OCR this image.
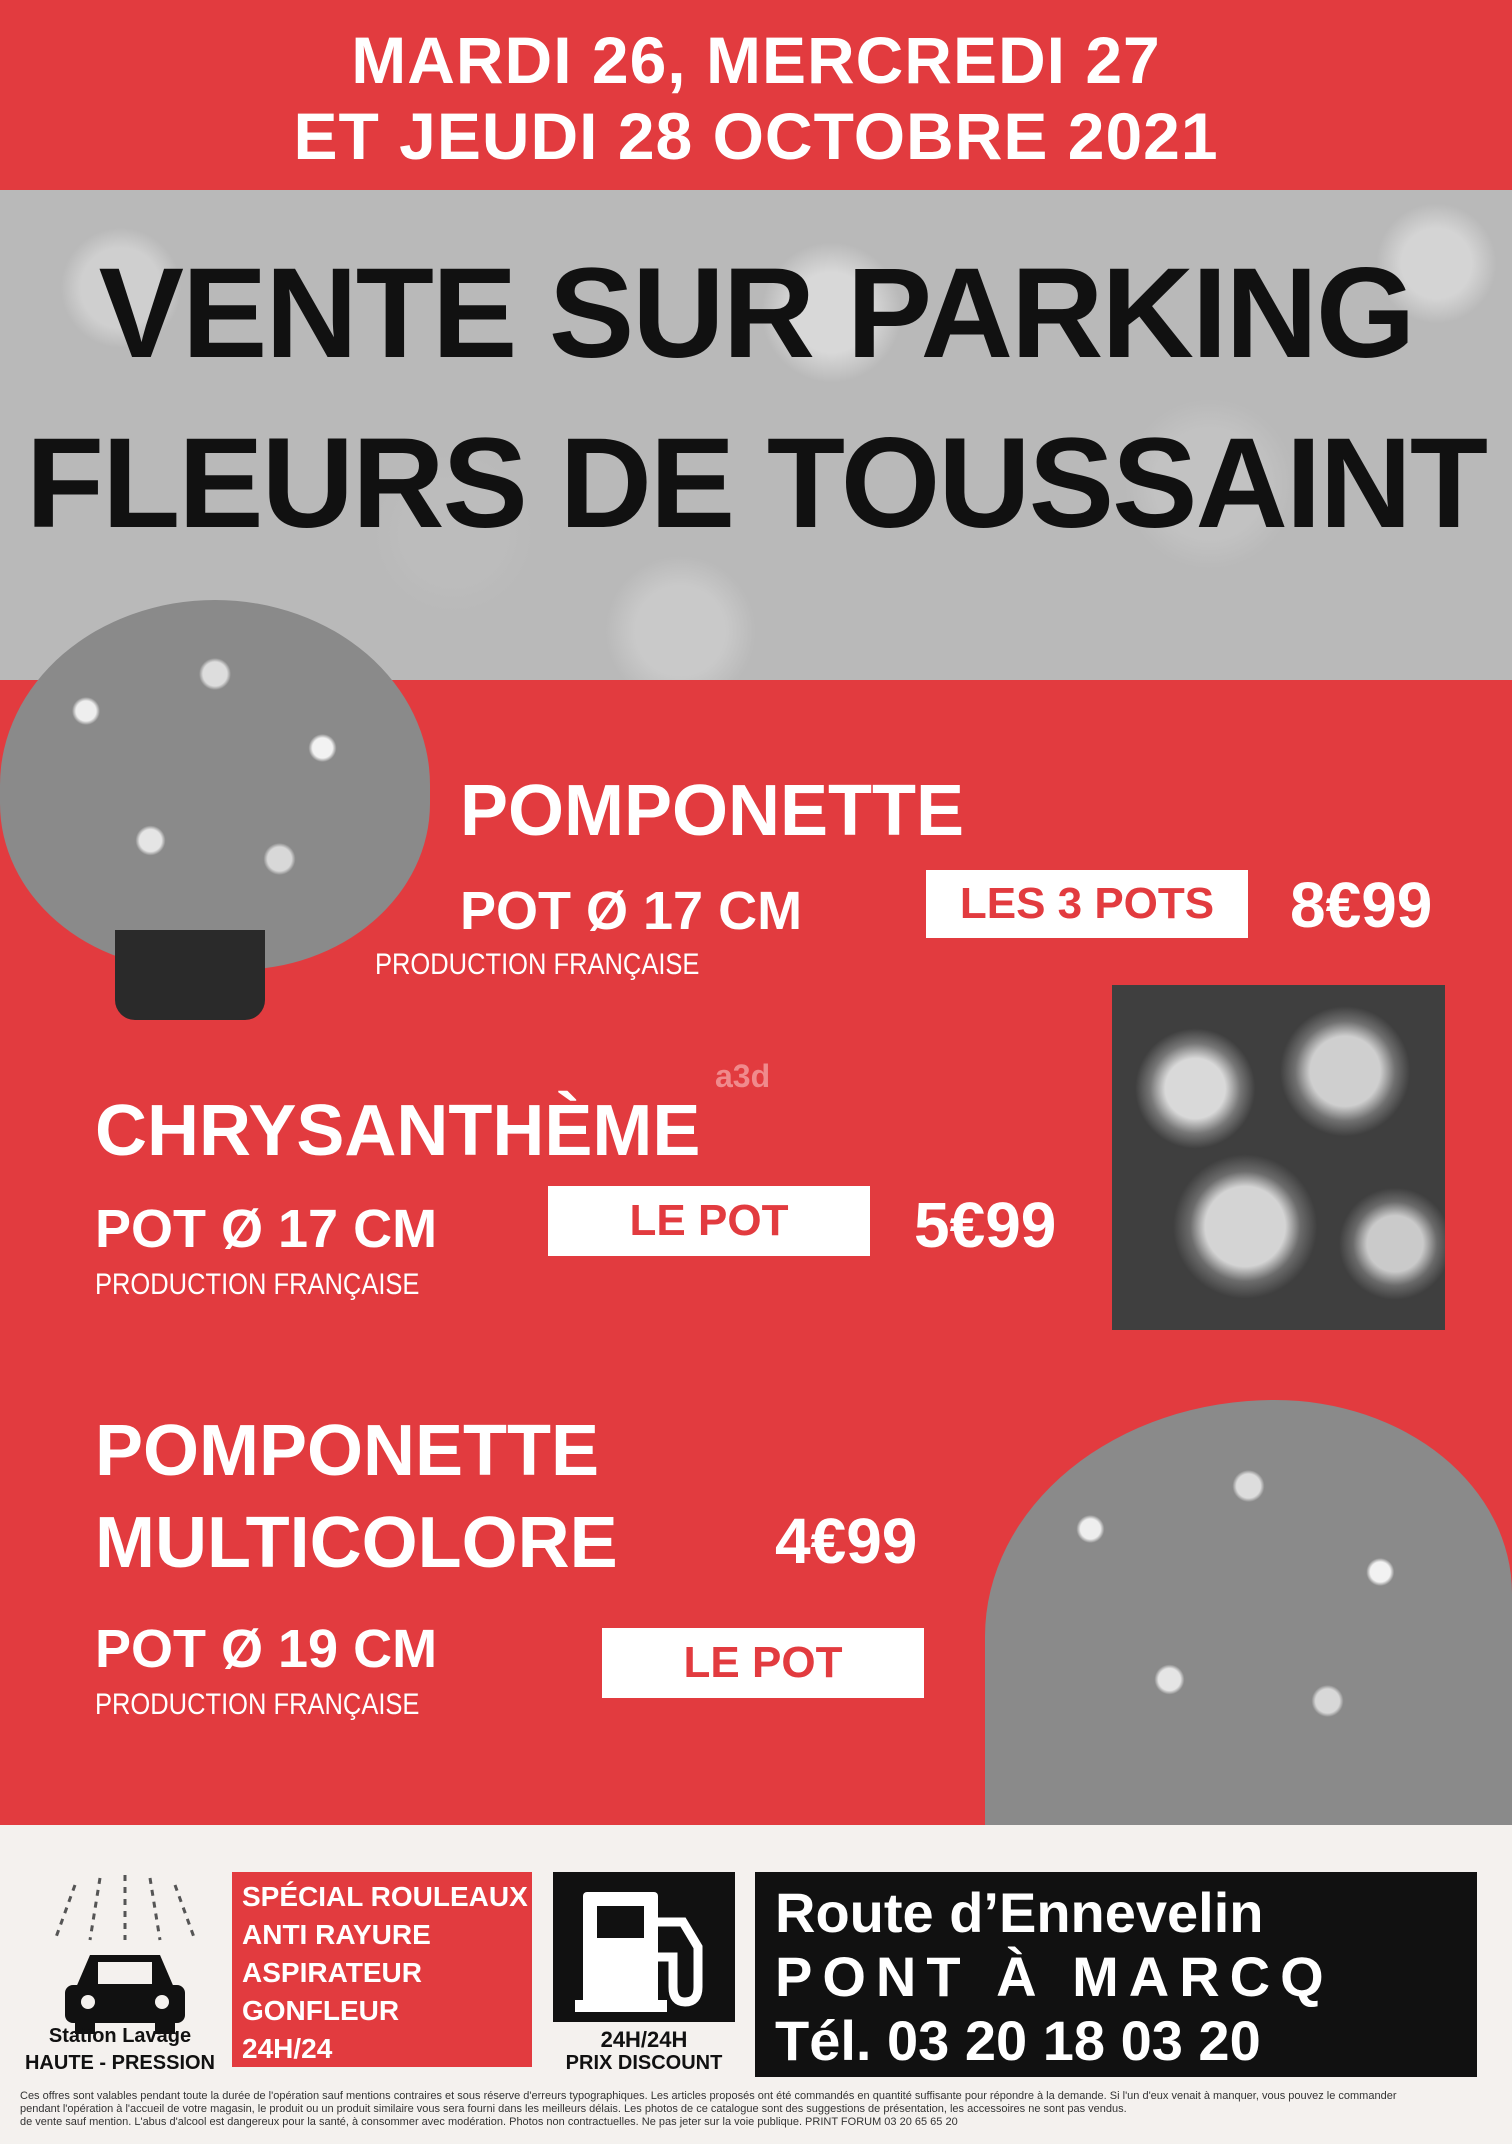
MARDI 26, MERCREDI 27
ET JEUDI 28 OCTOBRE 2021
VENTE SUR PARKING
FLEURS DE TOUSSAINT
POMPONETTE
POT Ø 17 CM
PRODUCTION FRANÇAISE
LES 3 POTS	8€99
a3d
CHRYSANTHÈME
POT Ø 17 CM
PRODUCTION FRANÇAISE
LE POT	5€99
POMPONETTE
MULTICOLORE 4€99
POT Ø 19 CM
PRODUCTION FRANÇAISE
LE POT
Station Lavage
HAUTE - PRESSION
SPÉCIAL ROULEAUX
ANTI RAYURE
ASPIRATEUR
GONFLEUR
24H/24	24H/24H
PRIX DISCOUNT
Route d’Ennevelin
PONT À MARCQ
Tél. 03 20 18 03 20
Ces offres sont valables pendant toute la durée de l'opération sauf mentions contraires et sous réserve d'erreurs typographiques. Les articles proposés ont été commandés en quantité suffisante pour répondre à la demande. Si l'un d'eux venait à manquer, vous pouvez le commander
pendant l'opération à l'accueil de votre magasin, le produit ou un produit similaire vous sera fourni dans les meilleurs délais. Les photos de ce catalogue sont des suggestions de présentation, les accessoires ne sont pas vendus.
de vente sauf mention. L'abus d'alcool est dangereux pour la santé, à consommer avec modération. Photos non contractuelles. Ne pas jeter sur la voie publique. PRINT FORUM 03 20 65 65 20
